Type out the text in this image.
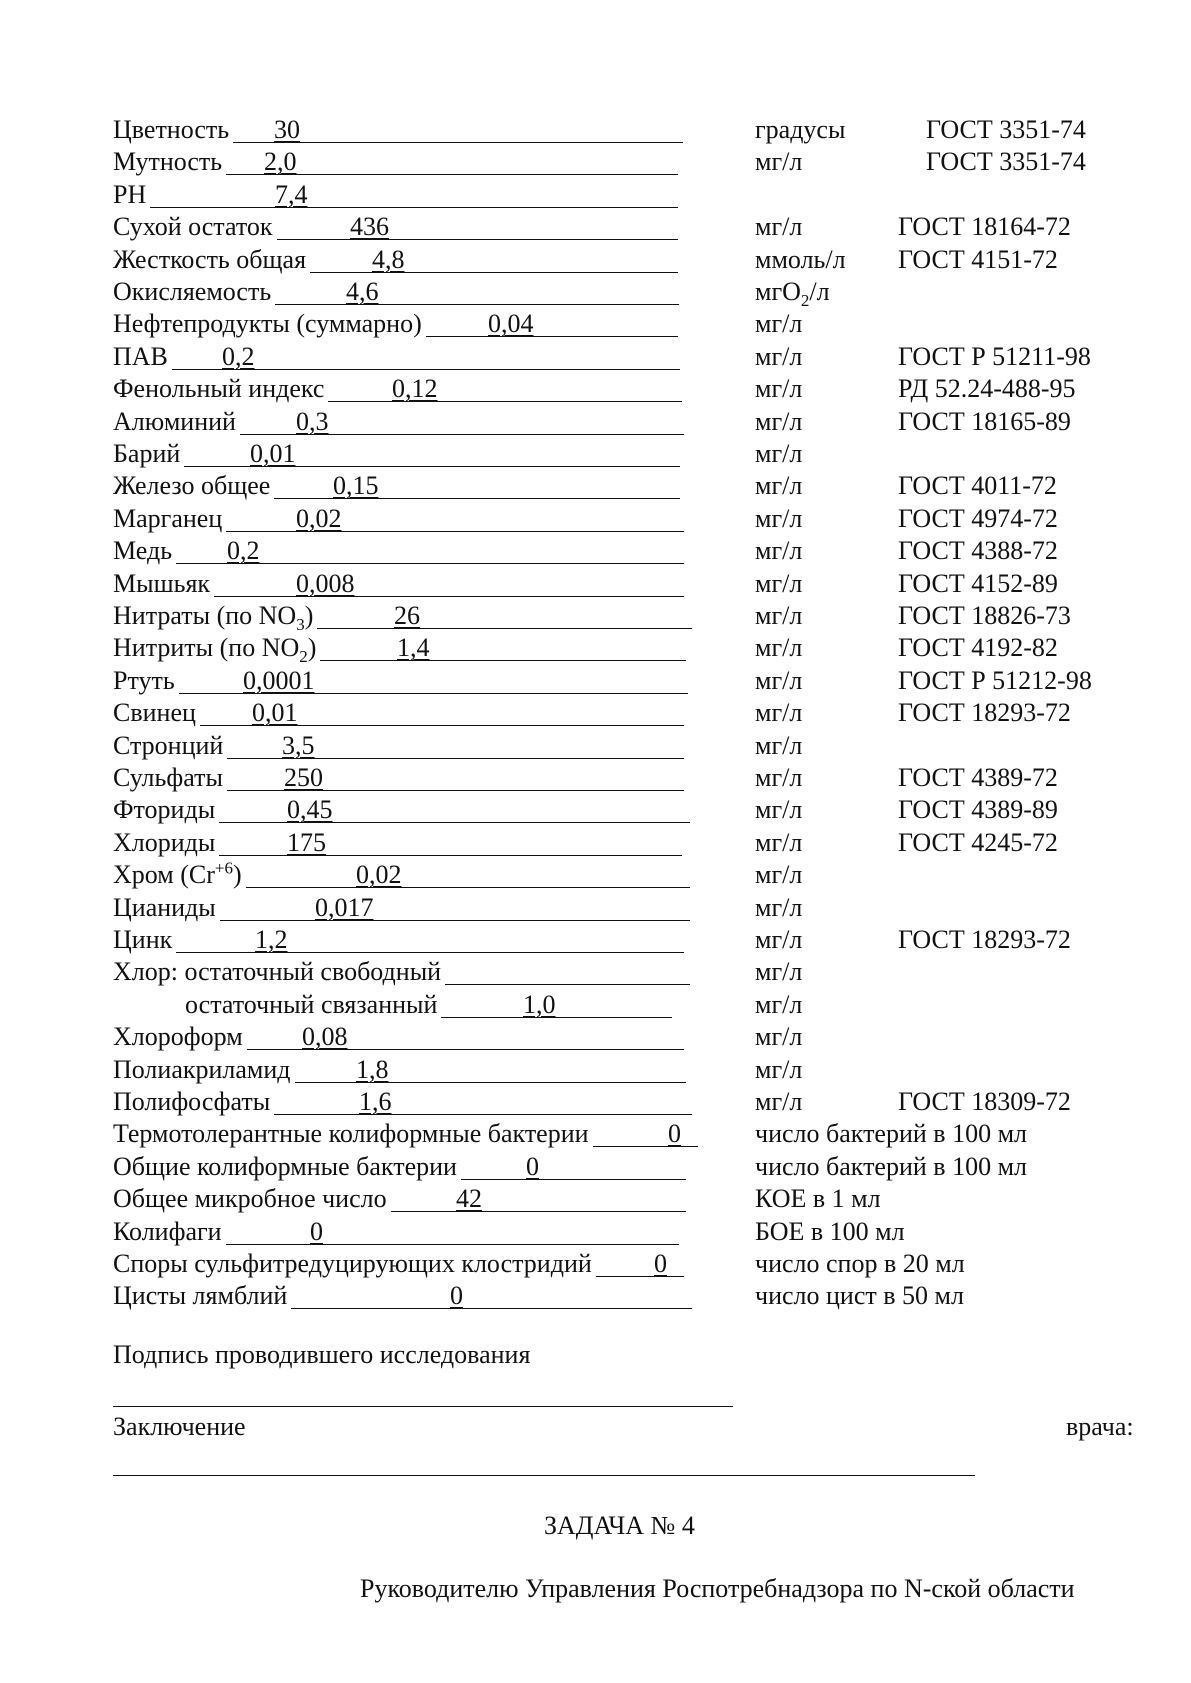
Цветность 30	градусы	ГОСТ 3351-74
Мутность 2,0	мг/л	ГОСТ 3351-74
PH	7,4
Сухой остаток	436	мг/л	ГОСТ 18164-72
Жесткость общая	4,8	ммоль/л ГОСТ 4151-72
Окисляемость	4,6	мгО$_2$/л
Нефтепродукты (суммарно)	0,04	мг/л
ПАВ 0,2	мг/л	ГОСТ Р 51211-98
Фенольный индекс	0,12	мг/л	РД 52.24-488-95
Алюминий 0,3	мг/л	ГОСТ 18165-89
Барий	0,01	мг/л
Железо общее 0,15	мг/л	ГОСТ 4011-72
Марганец	0,02	мг/л	ГОСТ 4974-72
Медь 0,2	мг/л	ГОСТ 4388-72
Мышьяк	0,008	мг/л	ГОСТ 4152-89
Нитраты (по $NO_3$)	26	мг/л	ГОСТ 18826-73
Нитриты (по $NO_2$)	1,4	мг/л	ГОСТ 4192-82
Ртуть	0,0001	мг/л	ГОСТ Р 51212-98
Свинец 0,01	мг/л	ГОСТ 18293-72
Стронций 3,5	мг/л
Сульфаты 250	мг/л	ГОСТ 4389-72
Фториды	0,45	мг/л	ГОСТ 4389-89
Хлориды	175	мг/л	ГОСТ 4245-72
Хром $(Cr^{+6})$	0,02	мг/л
Цианиды	0,017	мг/л
Цинк	1,2	мг/л	ГОСТ 18293-72
Хлор: остаточный свободный	мг/л
остаточный связанный	1,0	мг/л
Хлороформ 0,08	мг/л
Полиакриламид	1,8	мг/л
Полифосфаты	1,6	мг/л	ГОСТ 18309-72
Термотолерантные колиформные бактерии	0	число бактерий в 100 мл
Общие колиформные бактерии	0	число бактерий в 100 мл
Общее микробное число	42	КОЕ в 1 мл
Колифаги	0	БОЕ в 100 мл
Споры сульфитредуцирующих клостридий 0	число спор в 20 мл
Цисты лямблий	0	число цист в 50 мл
Подпись проводившего исследования
Заключение	врача:
ЗАДАЧА № 4
Руководителю Управления Роспотребнадзора по N-ской области
